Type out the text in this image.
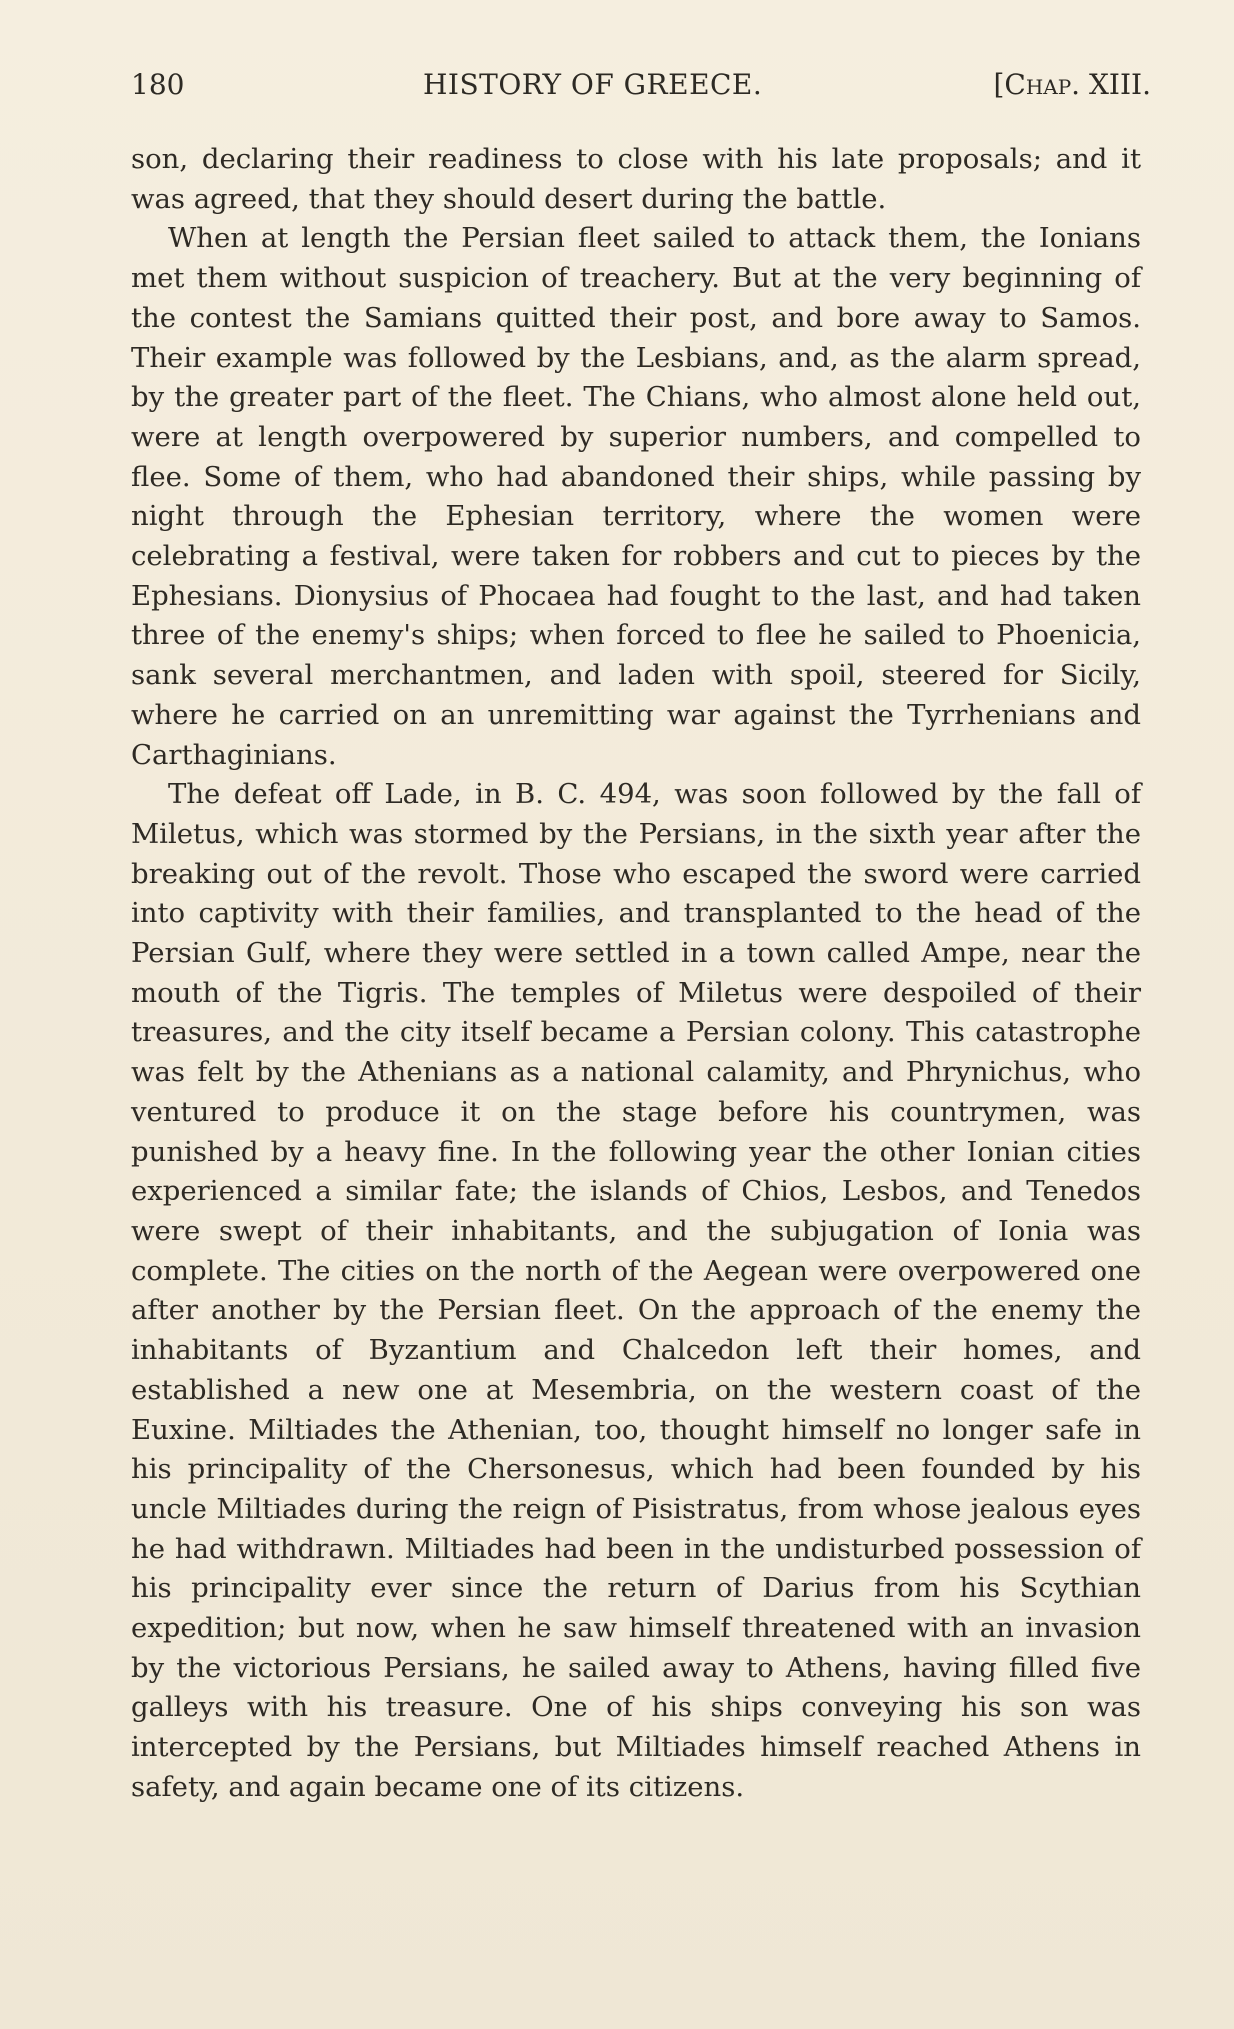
180	HISTORY OF GREECE.	[Chap. XIII.

son, declaring their readiness to close with his late proposals; and it was agreed, that they should desert during the battle.

When at length the Persian fleet sailed to attack them, the Ionians met them without suspicion of treachery. But at the very beginning of the contest the Samians quitted their post, and bore away to Samos. Their example was followed by the Lesbians, and, as the alarm spread, by the greater part of the fleet. The Chians, who almost alone held out, were at length overpowered by superior numbers, and compelled to flee. Some of them, who had abandoned their ships, while passing by night through the Ephesian territory, where the women were celebrating a festival, were taken for robbers and cut to pieces by the Ephesians. Dionysius of Phocaea had fought to the last, and had taken three of the enemy's ships; when forced to flee he sailed to Phoenicia, sank several merchantmen, and laden with spoil, steered for Sicily, where he carried on an unremitting war against the Tyrrhenians and Carthaginians.

The defeat off Lade, in B. C. 494, was soon followed by the fall of Miletus, which was stormed by the Persians, in the sixth year after the breaking out of the revolt. Those who escaped the sword were carried into captivity with their families, and transplanted to the head of the Persian Gulf, where they were settled in a town called Ampe, near the mouth of the Tigris. The temples of Miletus were despoiled of their treasures, and the city itself became a Persian colony. This catastrophe was felt by the Athenians as a national calamity, and Phrynichus, who ventured to produce it on the stage before his countrymen, was punished by a heavy fine. In the following year the other Ionian cities experienced a similar fate; the islands of Chios, Lesbos, and Tenedos were swept of their inhabitants, and the subjugation of Ionia was complete. The cities on the north of the Aegean were overpowered one after another by the Persian fleet. On the approach of the enemy the inhabitants of Byzantium and Chalcedon left their homes, and established a new one at Mesembria, on the western coast of the Euxine. Miltiades the Athenian, too, thought himself no longer safe in his principality of the Chersonesus, which had been founded by his uncle Miltiades during the reign of Pisistratus, from whose jealous eyes he had withdrawn. Miltiades had been in the undisturbed possession of his principality ever since the return of Darius from his Scythian expedition; but now, when he saw himself threatened with an invasion by the victorious Persians, he sailed away to Athens, having filled five galleys with his treasure. One of his ships conveying his son was intercepted by the Persians, but Miltiades himself reached Athens in safety, and again became one of its citizens.
